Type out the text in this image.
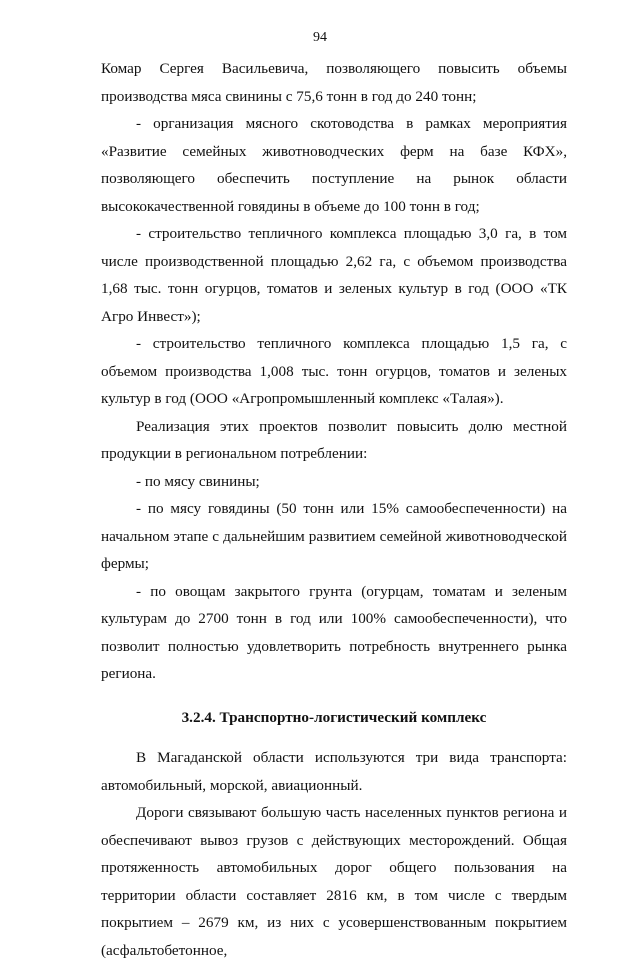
94

Комар Сергея Васильевича, позволяющего повысить объемы производства мяса свинины с 75,6 тонн в год до 240 тонн;

- организация мясного скотоводства в рамках мероприятия «Развитие семейных животноводческих ферм на базе КФХ», позволяющего обеспечить поступление на рынок области высококачественной говядины в объеме до 100 тонн в год;

- строительство тепличного комплекса площадью 3,0 га, в том числе производственной площадью 2,62 га, с объемом производства 1,68 тыс. тонн огурцов, томатов и зеленых культур в год (ООО «ТК Агро Инвест»);

- строительство тепличного комплекса площадью 1,5 га, с объемом производства 1,008 тыс. тонн огурцов, томатов и зеленых культур в год (ООО «Агропромышленный комплекс «Талая»).

Реализация этих проектов позволит повысить долю местной продукции в региональном потреблении:

- по мясу свинины;

- по мясу говядины (50 тонн или 15% самообеспеченности) на начальном этапе с дальнейшим развитием семейной животноводческой фермы;

- по овощам закрытого грунта (огурцам, томатам и зеленым культурам до 2700 тонн в год или 100% самообеспеченности), что позволит полностью удовлетворить потребность внутреннего рынка региона.

3.2.4. Транспортно-логистический комплекс

В Магаданской области используются три вида транспорта: автомобильный, морской, авиационный.

Дороги связывают большую часть населенных пунктов региона и обеспечивают вывоз грузов с действующих месторождений. Общая протяженность автомобильных дорог общего пользования на территории области составляет 2816 км, в том числе с твердым покрытием – 2679 км, из них с усовершенствованным покрытием (асфальтобетонное,
